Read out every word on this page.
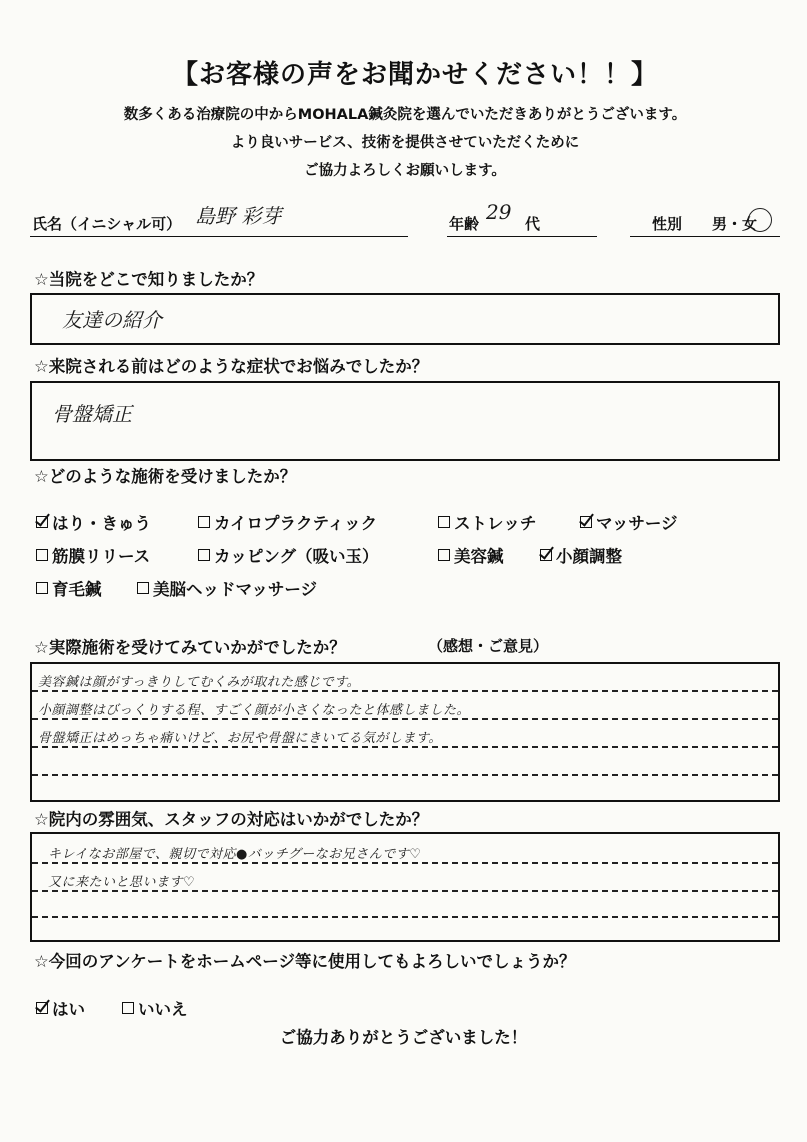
【お客様の声をお聞かせください！！】
数多くある治療院の中からMOHALA鍼灸院を選んでいただきありがとうございます。
より良いサービス、技術を提供させていただくために
ご協力よろしくお願いします。
氏名（イニシャル可） 島野 彩芽	年齢 29 代	性別 男・女
☆当院をどこで知りましたか？
友達の紹介
☆来院される前はどのような症状でお悩みでしたか？
骨盤矯正
☆どのような施術を受けましたか？
はり・きゅう	カイロプラクティック	ストレッチ	マッサージ
筋膜リリース	カッピング（吸い玉）	美容鍼	小顔調整
育毛鍼	美脳ヘッドマッサージ
☆実際施術を受けてみていかがでしたか？	（感想・ご意見）
美容鍼は顔がすっきりしてむくみが取れた感じです。
小顔調整はびっくりする程、すごく顔が小さくなったと体感しました。
骨盤矯正はめっちゃ痛いけど、お尻や骨盤にきいてる気がします。
☆院内の雰囲気、スタッフの対応はいかがでしたか？
キレイなお部屋で、親切で対応●バッチグーなお兄さんです♡
又に来たいと思います♡
☆今回のアンケートをホームページ等に使用してもよろしいでしょうか？
はい	いいえ
ご協力ありがとうございました！
